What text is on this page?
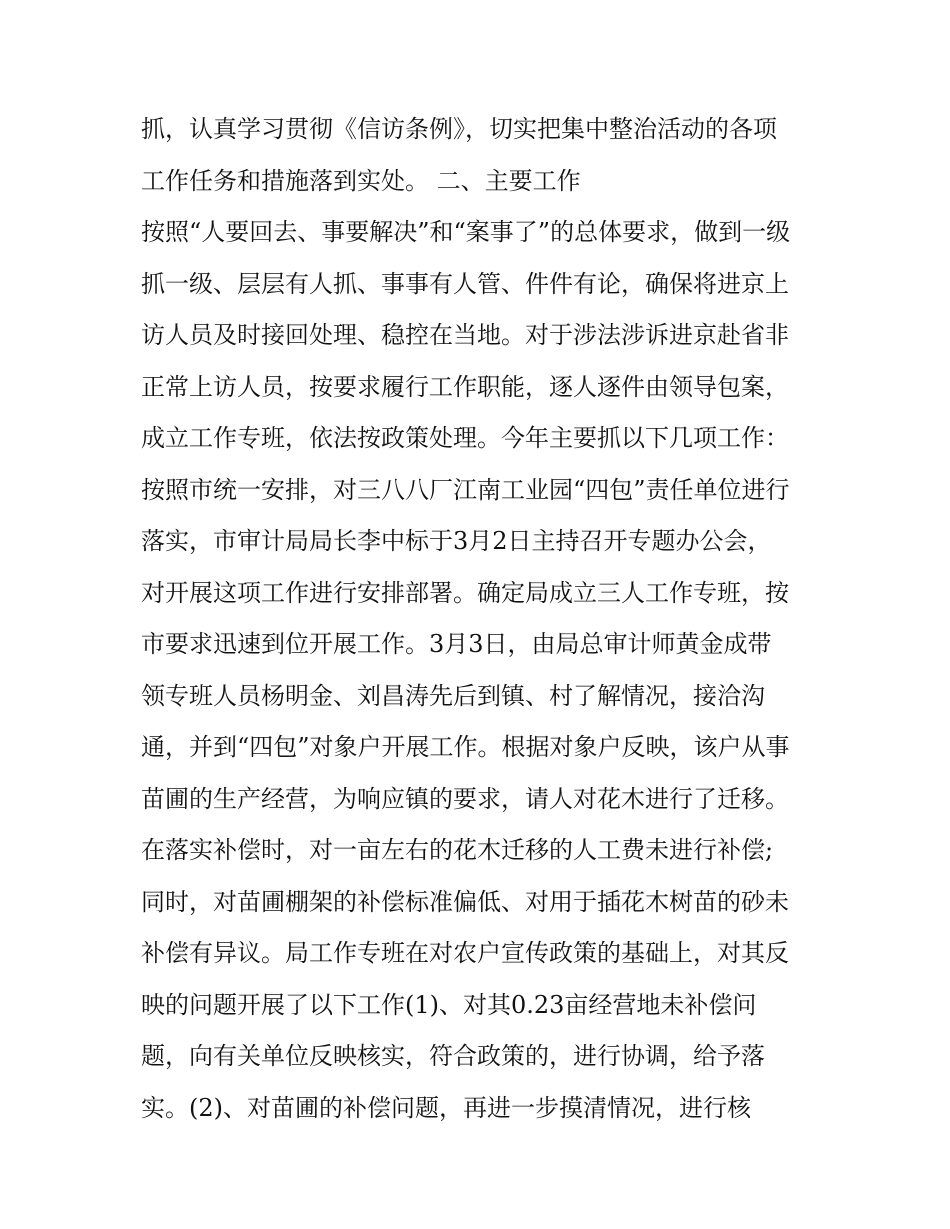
抓，认真学习贯彻《信访条例》，切实把集中整治活动的各项
工作任务和措施落到实处。 二、主要工作
按照“人要回去、事要解决”和“案事了”的总体要求，做到一级
抓一级、层层有人抓、事事有人管、件件有论，确保将进京上
访人员及时接回处理、稳控在当地。对于涉法涉诉进京赴省非
正常上访人员，按要求履行工作职能，逐人逐件由领导包案，
成立工作专班，依法按政策处理。今年主要抓以下几项工作：
按照市统一安排，对三八八厂江南工业园“四包”责任单位进行
落实，市审计局局长李中标于3月2日主持召开专题办公会，
对开展这项工作进行安排部署。确定局成立三人工作专班，按
市要求迅速到位开展工作。3月3日，由局总审计师黄金成带
领专班人员杨明金、刘昌涛先后到镇、村了解情况，接洽沟
通，并到“四包”对象户开展工作。根据对象户反映，该户从事
苗圃的生产经营，为响应镇的要求，请人对花木进行了迁移。
在落实补偿时，对一亩左右的花木迁移的人工费未进行补偿;
同时，对苗圃棚架的补偿标准偏低、对用于插花木树苗的砂未
补偿有异议。局工作专班在对农户宣传政策的基础上，对其反
映的问题开展了以下工作(1)、对其0.23亩经营地未补偿问
题，向有关单位反映核实，符合政策的，进行协调，给予落
实。(2)、对苗圃的补偿问题，再进一步摸清情况，进行核
